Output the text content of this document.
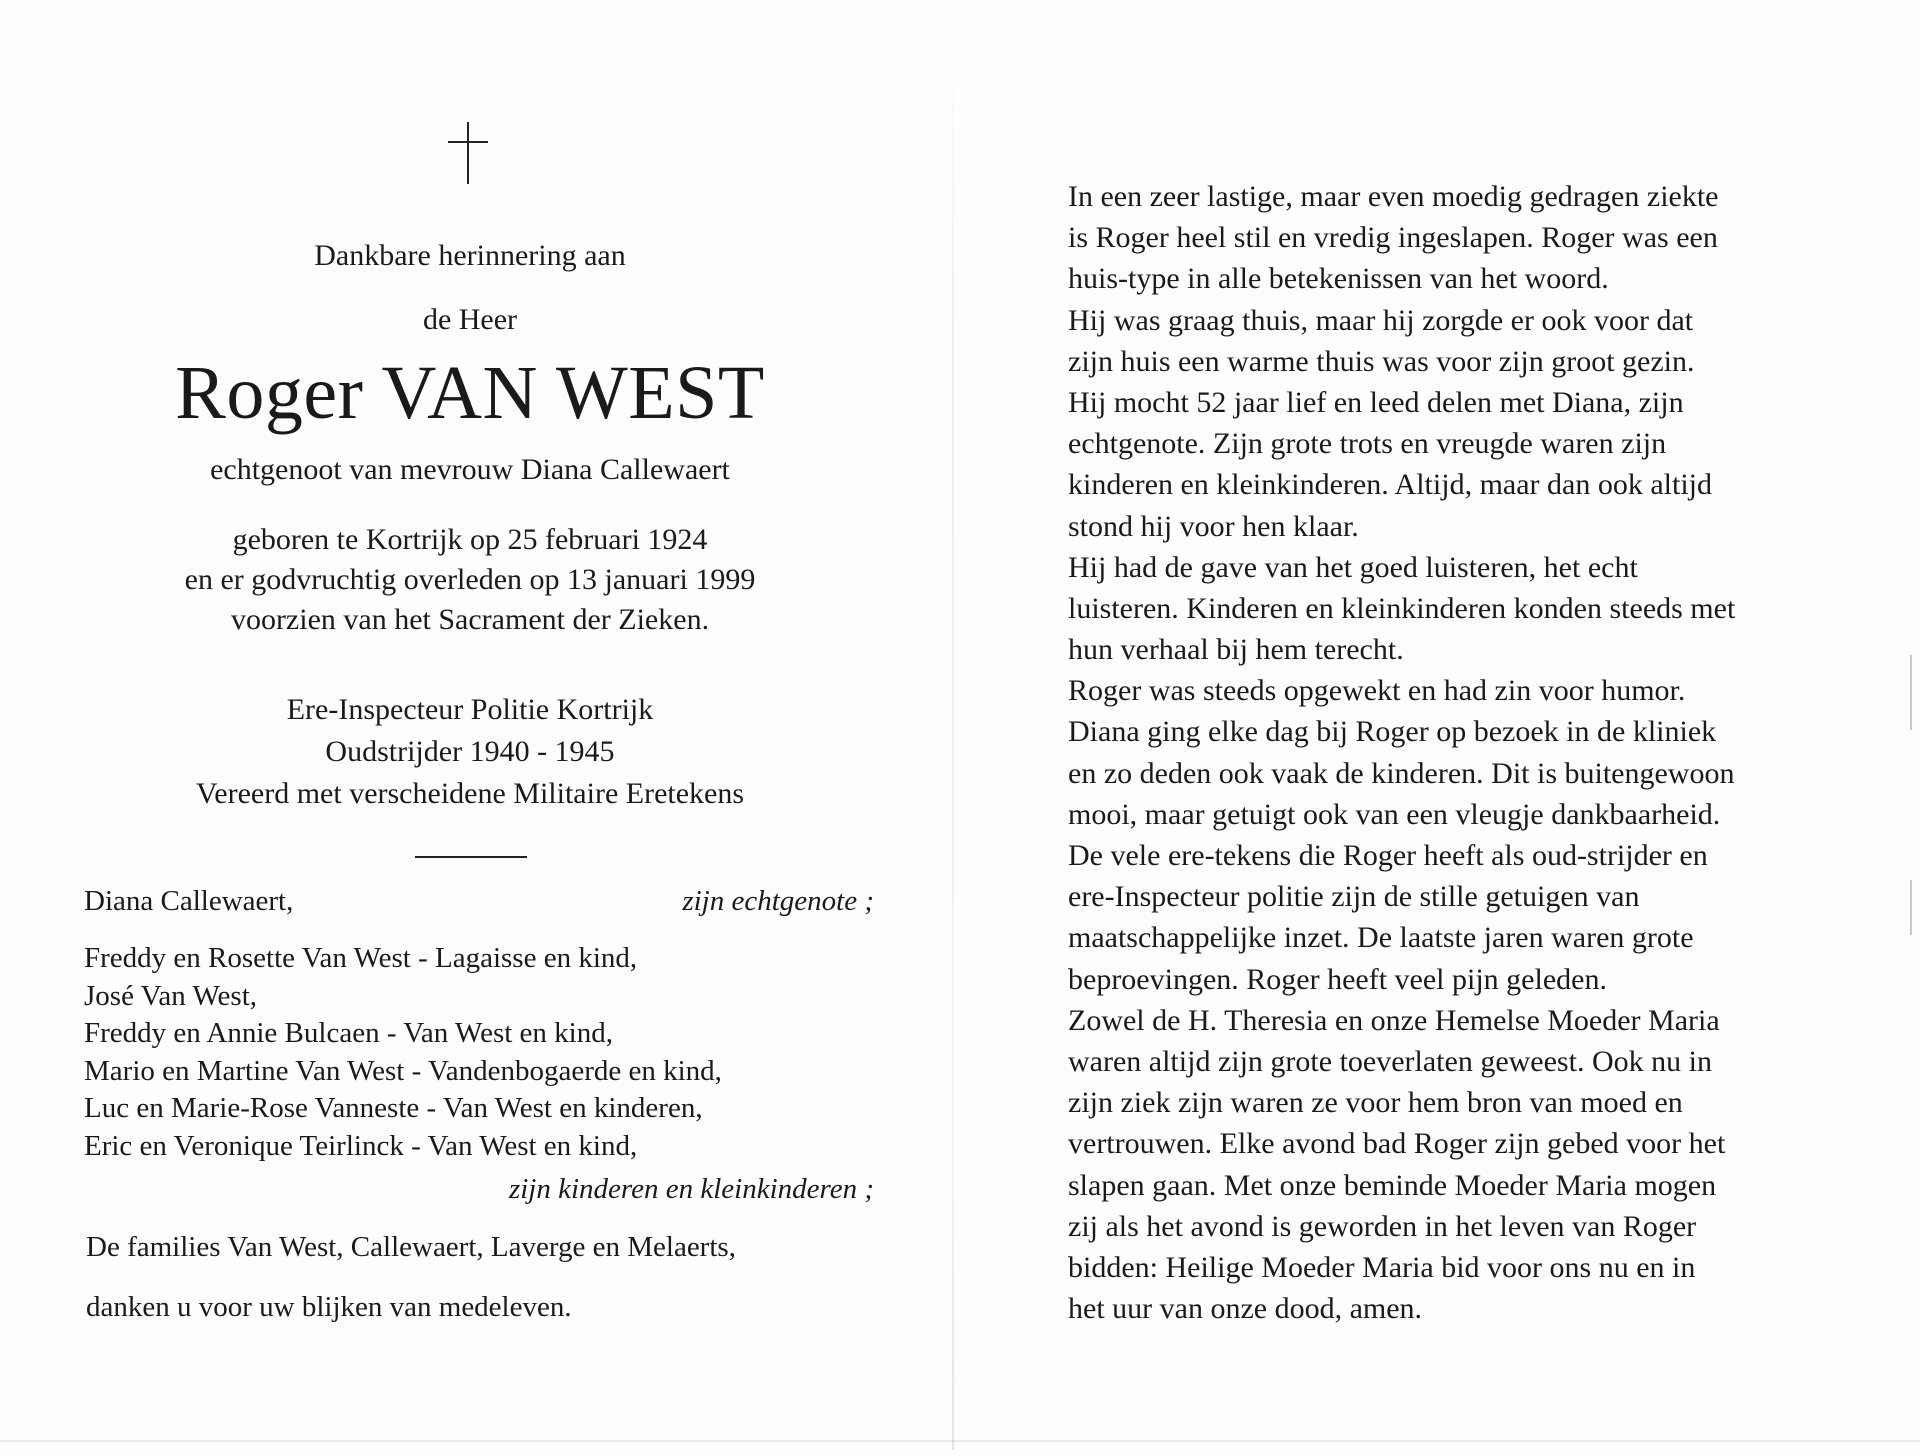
Dankbare herinnering aan
de Heer
Roger VAN WEST
echtgenoot van mevrouw Diana Callewaert
geboren te Kortrijk op 25 februari 1924
en er godvruchtig overleden op 13 januari 1999
voorzien van het Sacrament der Zieken.
Ere-Inspecteur Politie Kortrijk
Oudstrijder 1940 - 1945
Vereerd met verscheidene Militaire Eretekens
Diana Callewaert,	zijn echtgenote ;
Freddy en Rosette Van West - Lagaisse en kind,
José Van West,
Freddy en Annie Bulcaen - Van West en kind,
Mario en Martine Van West - Vandenbogaerde en kind,
Luc en Marie-Rose Vanneste - Van West en kinderen,
Eric en Veronique Teirlinck - Van West en kind,
zijn kinderen en kleinkinderen ;
De families Van West, Callewaert, Laverge en Melaerts,
danken u voor uw blijken van medeleven.
In een zeer lastige, maar even moedig gedragen ziekte
is Roger heel stil en vredig ingeslapen. Roger was een
huis-type in alle betekenissen van het woord.
Hij was graag thuis, maar hij zorgde er ook voor dat
zijn huis een warme thuis was voor zijn groot gezin.
Hij mocht 52 jaar lief en leed delen met Diana, zijn
echtgenote. Zijn grote trots en vreugde waren zijn
kinderen en kleinkinderen. Altijd, maar dan ook altijd
stond hij voor hen klaar.
Hij had de gave van het goed luisteren, het echt
luisteren. Kinderen en kleinkinderen konden steeds met
hun verhaal bij hem terecht.
Roger was steeds opgewekt en had zin voor humor.
Diana ging elke dag bij Roger op bezoek in de kliniek
en zo deden ook vaak de kinderen. Dit is buitengewoon
mooi, maar getuigt ook van een vleugje dankbaarheid.
De vele ere-tekens die Roger heeft als oud-strijder en
ere-Inspecteur politie zijn de stille getuigen van
maatschappelijke inzet. De laatste jaren waren grote
beproevingen. Roger heeft veel pijn geleden.
Zowel de H. Theresia en onze Hemelse Moeder Maria
waren altijd zijn grote toeverlaten geweest. Ook nu in
zijn ziek zijn waren ze voor hem bron van moed en
vertrouwen. Elke avond bad Roger zijn gebed voor het
slapen gaan. Met onze beminde Moeder Maria mogen
zij als het avond is geworden in het leven van Roger
bidden: Heilige Moeder Maria bid voor ons nu en in
het uur van onze dood, amen.
